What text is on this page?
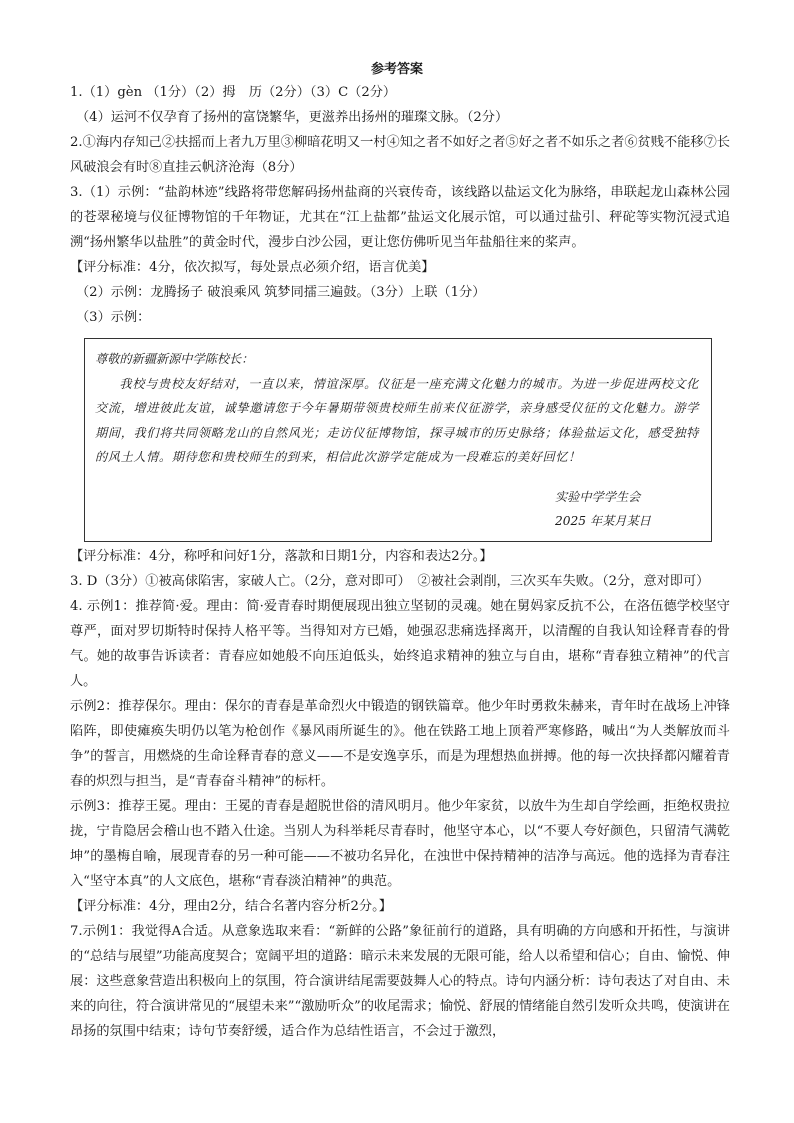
参考答案

1.（1）gèn （1分）（2）拇　历（2分）（3）C（2分）

（4）运河不仅孕育了扬州的富饶繁华，更滋养出扬州的璀璨文脉。（2分）

2.①海内存知己②扶摇而上者九万里③柳暗花明又一村④知之者不如好之者⑤好之者不如乐之者⑥贫贱不能移⑦长风破浪会有时⑧直挂云帆济沧海（8分）

3.（1）示例：“盐韵林迹”线路将带您解码扬州盐商的兴衰传奇，该线路以盐运文化为脉络，串联起龙山森林公园的苍翠秘境与仪征博物馆的千年物证，尤其在“江上盐都”盐运文化展示馆，可以通过盐引、秤砣等实物沉浸式追溯“扬州繁华以盐胜”的黄金时代，漫步白沙公园，更让您仿佛听见当年盐船往来的桨声。

【评分标准：4分，依次拟写，每处景点必须介绍，语言优美】

（2）示例：龙腾扬子 破浪乘风 筑梦同擂三遍鼓。（3分）上联（1分）

（3）示例：

尊敬的新疆新源中学陈校长：

我校与贵校友好结对，一直以来，情谊深厚。仪征是一座充满文化魅力的城市。为进一步促进两校文化交流，增进彼此友谊，诚挚邀请您于今年暑期带领贵校师生前来仪征游学，亲身感受仪征的文化魅力。游学期间，我们将共同领略龙山的自然风光；走访仪征博物馆，探寻城市的历史脉络；体验盐运文化，感受独特的风土人情。期待您和贵校师生的到来，相信此次游学定能成为一段难忘的美好回忆！

实验中学学生会

2025 年某月某日

【评分标准：4分，称呼和问好1分，落款和日期1分，内容和表达2分。】

3. D（3分）①被高俅陷害，家破人亡。（2分，意对即可）　②被社会剥削，三次买车失败。（2分，意对即可）

4. 示例1：推荐简·爱。理由：简·爱青春时期便展现出独立坚韧的灵魂。她在舅妈家反抗不公，在洛伍德学校坚守尊严，面对罗切斯特时保持人格平等。当得知对方已婚，她强忍悲痛选择离开，以清醒的自我认知诠释青春的骨气。她的故事告诉读者：青春应如她般不向压迫低头，始终追求精神的独立与自由，堪称“青春独立精神”的代言人。

示例2：推荐保尔。理由：保尔的青春是革命烈火中锻造的钢铁篇章。他少年时勇救朱赫来，青年时在战场上冲锋陷阵，即使瘫痪失明仍以笔为枪创作《暴风雨所诞生的》。他在铁路工地上顶着严寒修路，喊出“为人类解放而斗争”的誓言，用燃烧的生命诠释青春的意义——不是安逸享乐，而是为理想热血拼搏。他的每一次抉择都闪耀着青春的炽烈与担当，是“青春奋斗精神”的标杆。

示例3：推荐王冕。理由：王冕的青春是超脱世俗的清风明月。他少年家贫，以放牛为生却自学绘画，拒绝权贵拉拢，宁肯隐居会稽山也不踏入仕途。当别人为科举耗尽青春时，他坚守本心，以“不要人夸好颜色，只留清气满乾坤”的墨梅自喻，展现青春的另一种可能——不被功名异化，在浊世中保持精神的洁净与高远。他的选择为青春注入“坚守本真”的人文底色，堪称“青春淡泊精神”的典范。

【评分标准：4分，理由2分，结合名著内容分析2分。】

7.示例1：我觉得A合适。从意象选取来看：“新鲜的公路”象征前行的道路，具有明确的方向感和开拓性，与演讲的“总结与展望”功能高度契合；宽阔平坦的道路：暗示未来发展的无限可能，给人以希望和信心；自由、愉悦、伸展：这些意象营造出积极向上的氛围，符合演讲结尾需要鼓舞人心的特点。诗句内涵分析：诗句表达了对自由、未来的向往，符合演讲常见的“展望未来”“激励听众”的收尾需求；愉悦、舒展的情绪能自然引发听众共鸣，使演讲在昂扬的氛围中结束；诗句节奏舒缓，适合作为总结性语言，不会过于激烈，
